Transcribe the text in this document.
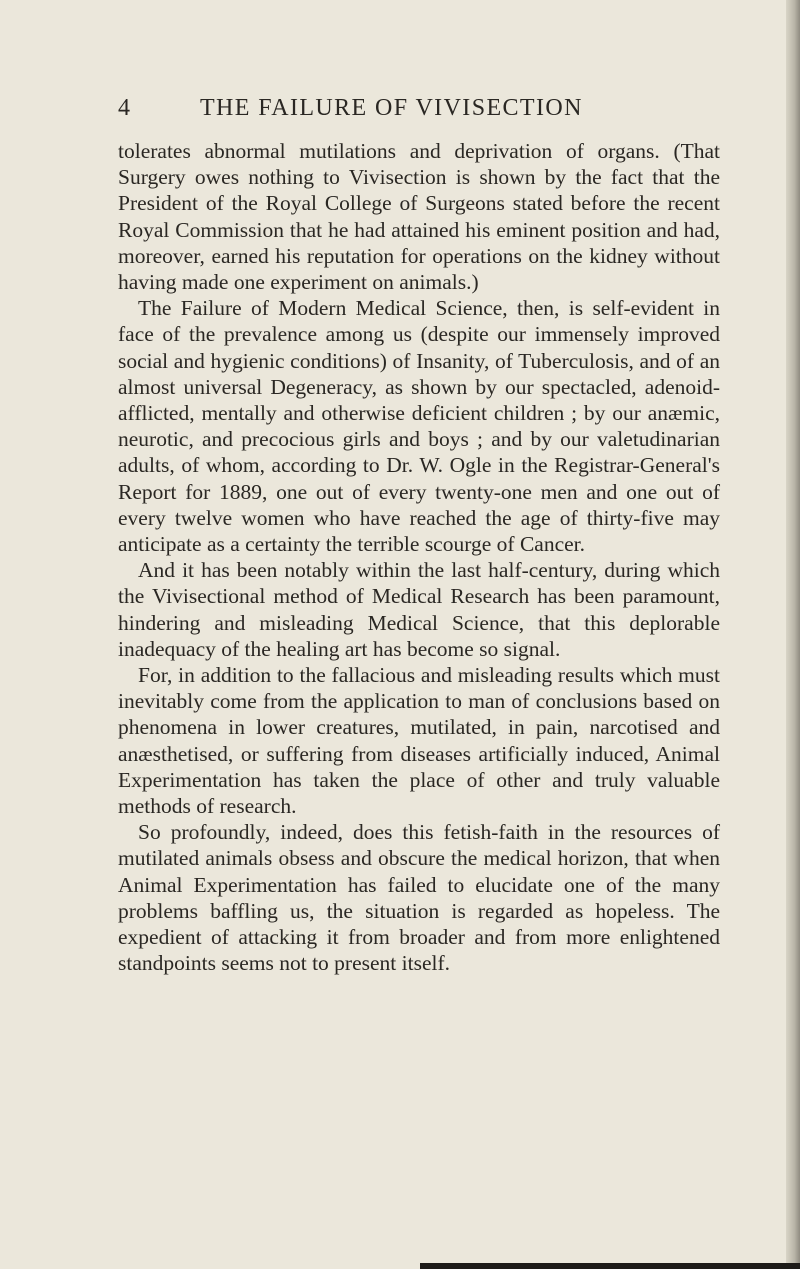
4	THE FAILURE OF VIVISECTION

tolerates abnormal mutilations and deprivation of organs. (That Surgery owes nothing to Vivisection is shown by the fact that the President of the Royal College of Surgeons stated before the recent Royal Commission that he had attained his eminent position and had, moreover, earned his reputation for operations on the kidney without having made one experiment on animals.)

The Failure of Modern Medical Science, then, is self-evident in face of the prevalence among us (despite our immensely improved social and hygienic conditions) of Insanity, of Tuberculosis, and of an almost universal Degeneracy, as shown by our spectacled, adenoid-afflicted, mentally and otherwise deficient children ; by our anæmic, neurotic, and precocious girls and boys ; and by our valetudinarian adults, of whom, according to Dr. W. Ogle in the Registrar-General's Report for 1889, one out of every twenty-one men and one out of every twelve women who have reached the age of thirty-five may anticipate as a certainty the terrible scourge of Cancer.

And it has been notably within the last half-century, during which the Vivisectional method of Medical Research has been paramount, hindering and misleading Medical Science, that this deplorable inadequacy of the healing art has become so signal.

For, in addition to the fallacious and misleading results which must inevitably come from the application to man of conclusions based on phenomena in lower creatures, mutilated, in pain, narcotised and anæsthetised, or suffering from diseases artificially induced, Animal Experimentation has taken the place of other and truly valuable methods of research.

So profoundly, indeed, does this fetish-faith in the resources of mutilated animals obsess and obscure the medical horizon, that when Animal Experimentation has failed to elucidate one of the many problems baffling us, the situation is regarded as hopeless. The expedient of attacking it from broader and from more enlightened standpoints seems not to present itself.
